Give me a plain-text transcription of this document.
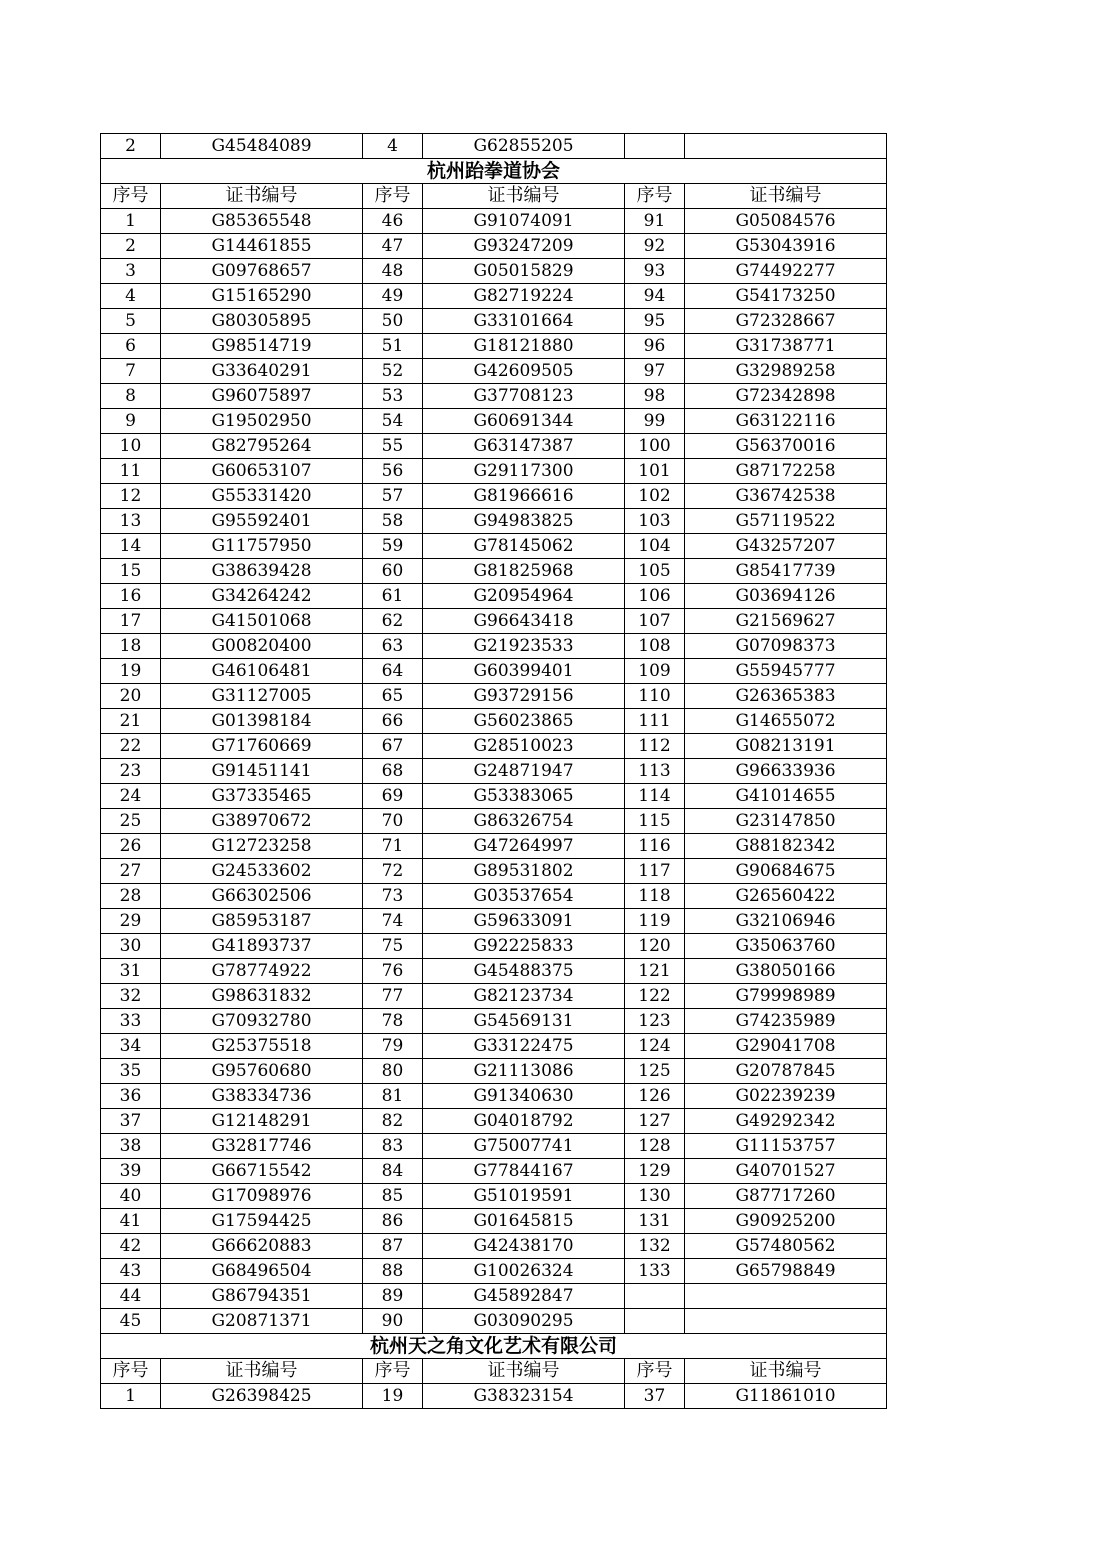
2	G45484089	4	G62855205		
杭州跆拳道协会					
序号	证书编号	序号	证书编号	序号	证书编号
1	G85365548	46	G91074091	91	G05084576
2	G14461855	47	G93247209	92	G53043916
3	G09768657	48	G05015829	93	G74492277
4	G15165290	49	G82719224	94	G54173250
5	G80305895	50	G33101664	95	G72328667
6	G98514719	51	G18121880	96	G31738771
7	G33640291	52	G42609505	97	G32989258
8	G96075897	53	G37708123	98	G72342898
9	G19502950	54	G60691344	99	G63122116
10	G82795264	55	G63147387	100	G56370016
11	G60653107	56	G29117300	101	G87172258
12	G55331420	57	G81966616	102	G36742538
13	G95592401	58	G94983825	103	G57119522
14	G11757950	59	G78145062	104	G43257207
15	G38639428	60	G81825968	105	G85417739
16	G34264242	61	G20954964	106	G03694126
17	G41501068	62	G96643418	107	G21569627
18	G00820400	63	G21923533	108	G07098373
19	G46106481	64	G60399401	109	G55945777
20	G31127005	65	G93729156	110	G26365383
21	G01398184	66	G56023865	111	G14655072
22	G71760669	67	G28510023	112	G08213191
23	G91451141	68	G24871947	113	G96633936
24	G37335465	69	G53383065	114	G41014655
25	G38970672	70	G86326754	115	G23147850
26	G12723258	71	G47264997	116	G88182342
27	G24533602	72	G89531802	117	G90684675
28	G66302506	73	G03537654	118	G26560422
29	G85953187	74	G59633091	119	G32106946
30	G41893737	75	G92225833	120	G35063760
31	G78774922	76	G45488375	121	G38050166
32	G98631832	77	G82123734	122	G79998989
33	G70932780	78	G54569131	123	G74235989
34	G25375518	79	G33122475	124	G29041708
35	G95760680	80	G21113086	125	G20787845
36	G38334736	81	G91340630	126	G02239239
37	G12148291	82	G04018792	127	G49292342
38	G32817746	83	G75007741	128	G11153757
39	G66715542	84	G77844167	129	G40701527
40	G17098976	85	G51019591	130	G87717260
41	G17594425	86	G01645815	131	G90925200
42	G66620883	87	G42438170	132	G57480562
43	G68496504	88	G10026324	133	G65798849
44	G86794351	89	G45892847		
45	G20871371	90	G03090295		
杭州天之角文化艺术有限公司					
序号	证书编号	序号	证书编号	序号	证书编号
1	G26398425	19	G38323154	37	G11861010
